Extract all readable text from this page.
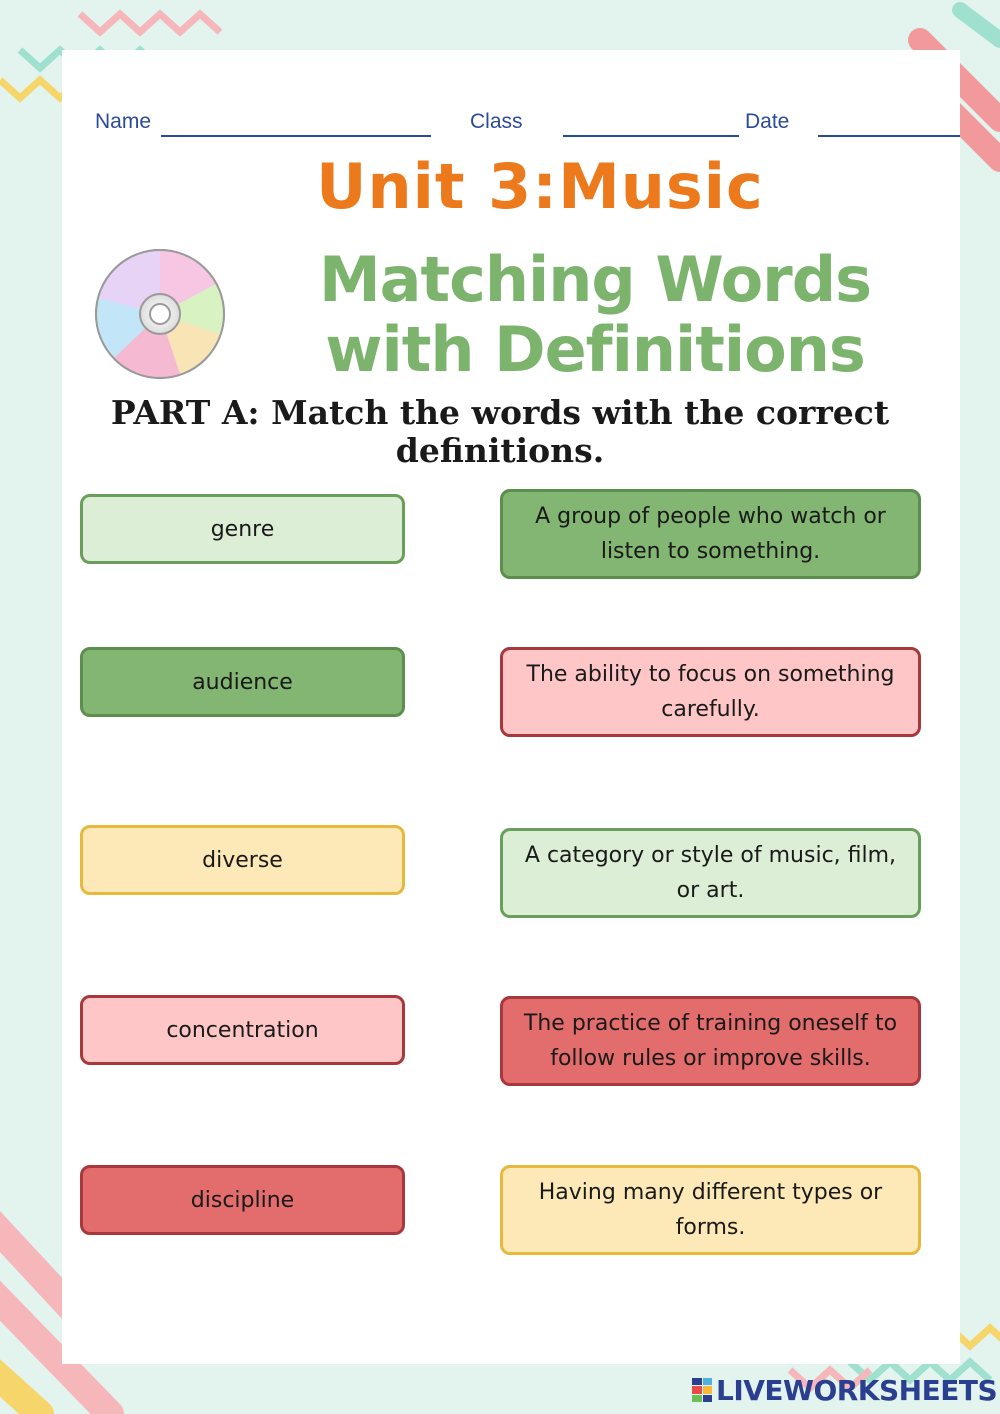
Name	Class	Date
Unit 3:Music
Matching Words
with Definitions
PART A: Match the words with the correct
definitions.
genre
audience
diverse
concentration
discipline
A group of people who watch or listen to something.
The ability to focus on something carefully.
A category or style of music, film, or art.
The practice of training oneself to follow rules or improve skills.
Having many different types or forms.
LIVEWORKSHEETS
